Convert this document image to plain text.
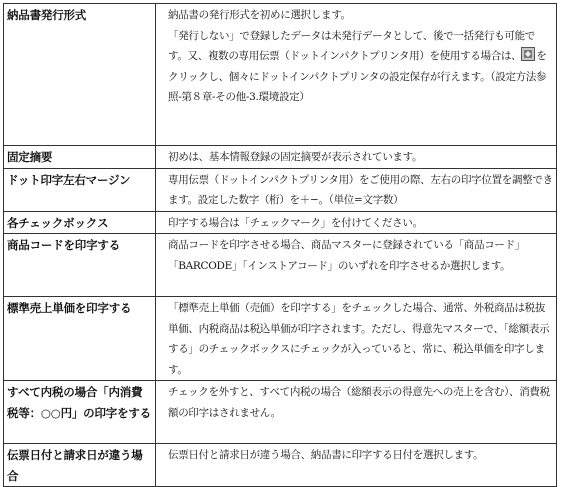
納品書発行形式	納品書の発行形式を初めに選択します。
「発行しない」で登録したデータは未発行データとして、後で一括発行も可能です。又、複数の専用伝票（ドットインパクトプリンタ用）を使用する場合は、 をクリックし、個々にドットインパクトプリンタの設定保存が行えます。（設定方法参照-第８章-その他-3.環境設定）

固定摘要	初めは、基本情報登録の固定摘要が表示されています。

ドット印字左右マージン	専用伝票（ドットインパクトプリンタ用）をご使用の際、左右の印字位置を調整できます。設定した数字（桁）を＋−。（単位=文字数）

各チェックボックス	印字する場合は「チェックマーク」を付けてください。

商品コードを印字する	商品コードを印字させる場合、商品マスターに登録されている「商品コード」「BARCODE」「インストアコード」のいずれを印字させるか選択します。

標準売上単価を印字する	「標準売上単価（売価）を印字する」をチェックした場合、通常、外税商品は税抜単価、内税商品は税込単価が印字されます。ただし、得意先マスターで、「総額表示する」のチェックボックスにチェックが入っていると、常に、税込単価を印字します。

すべて内税の場合「内消費税等：○○円」の印字をする	チェックを外すと、すべて内税の場合（総額表示の得意先への売上を含む）、消費税額の印字はされません。

伝票日付と請求日が違う場合	伝票日付と請求日が違う場合、納品書に印字する日付を選択します。
